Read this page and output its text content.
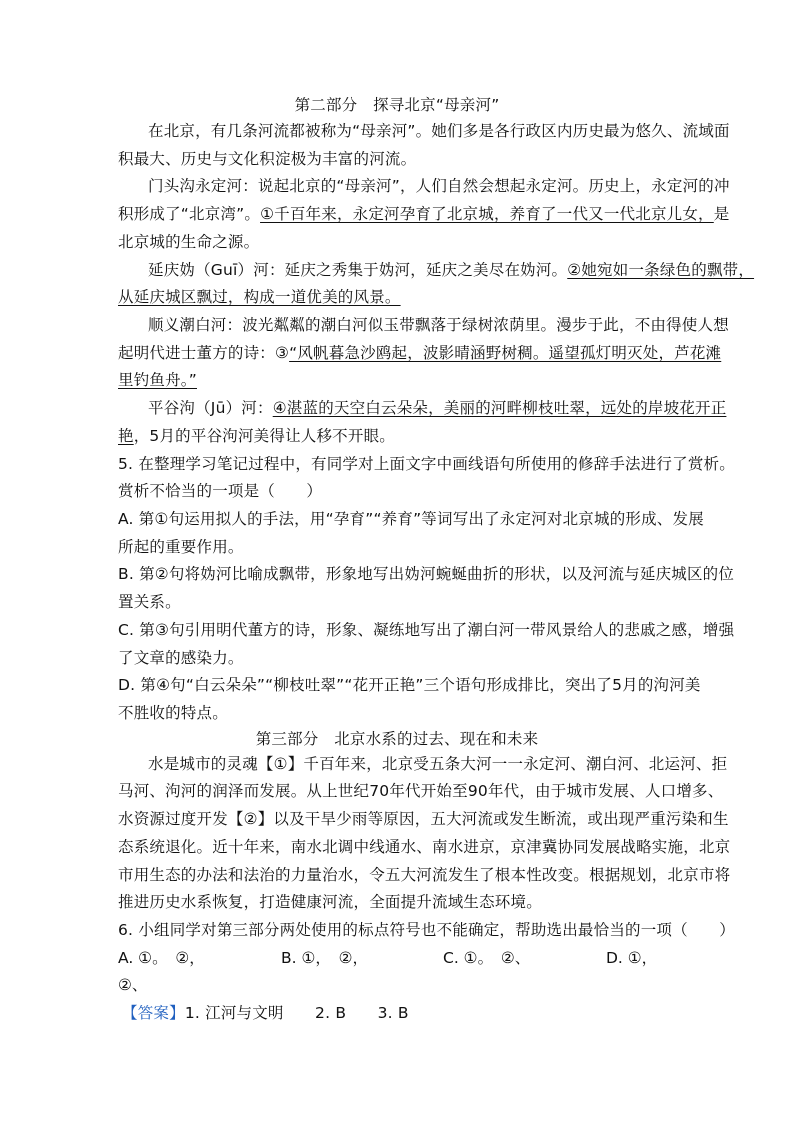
第二部分　探寻北京“母亲河”
在北京，有几条河流都被称为“母亲河”。她们多是各行政区内历史最为悠久、流域面
积最大、历史与文化积淀极为丰富的河流。
门头沟永定河：说起北京的“母亲河”，人们自然会想起永定河。历史上，永定河的冲
积形成了“北京湾”。①千百年来，永定河孕育了北京城，养育了一代又一代北京儿女，是
北京城的生命之源。
延庆妫（Guī）河：延庆之秀集于妫河，延庆之美尽在妫河。②她宛如一条绿色的飘带，
从延庆城区飘过，构成一道优美的风景。
顺义潮白河：波光粼粼的潮白河似玉带飘落于绿树浓荫里。漫步于此，不由得使人想
起明代进士董方的诗：③“风帆暮急沙鸥起，波影晴涵野树稠。遥望孤灯明灭处，芦花滩
里钓鱼舟。”
平谷泃（Jū）河：④湛蓝的天空白云朵朵，美丽的河畔柳枝吐翠，远处的岸坡花开正
艳，5月的平谷泃河美得让人移不开眼。
5. 在整理学习笔记过程中，有同学对上面文字中画线语句所使用的修辞手法进行了赏析。
赏析不恰当的一项是（　　）
A. 第①句运用拟人的手法，用“孕育”“养育”等词写出了永定河对北京城的形成、发展
所起的重要作用。
B. 第②句将妫河比喻成飘带，形象地写出妫河蜿蜒曲折的形状，以及河流与延庆城区的位
置关系。
C. 第③句引用明代董方的诗，形象、凝练地写出了潮白河一带风景给人的悲戚之感，增强
了文章的感染力。
D. 第④句“白云朵朵”“柳枝吐翠”“花开正艳”三个语句形成排比，突出了5月的泃河美
不胜收的特点。
第三部分　北京水系的过去、现在和未来
水是城市的灵魂【①】千百年来，北京受五条大河一一永定河、潮白河、北运河、拒
马河、泃河的润泽而发展。从上世纪70年代开始至90年代，由于城市发展、人口增多、
水资源过度开发【②】以及干旱少雨等原因，五大河流或发生断流，或出现严重污染和生
态系统退化。近十年来，南水北调中线通水、南水进京，京津冀协同发展战略实施，北京
市用生态的办法和法治的力量治水，令五大河流发生了根本性改变。根据规划，北京市将
推进历史水系恢复，打造健康河流，全面提升流域生态环境。
6. 小组同学对第三部分两处使用的标点符号也不能确定，帮助选出最恰当的一项（　　）
A. ①。　②，	B. ①，　②，	C. ①。　②、	D. ①，
②、
【答案】1. 江河与文明　　2. B　　3. B
